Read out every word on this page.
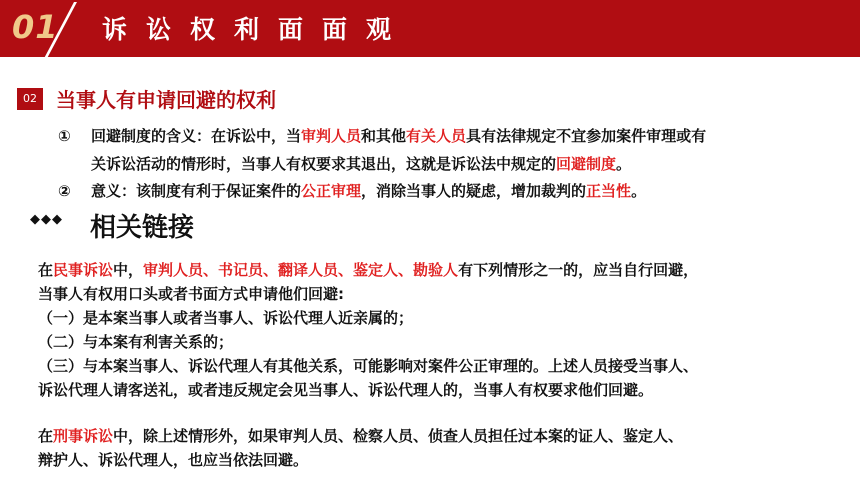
01 诉讼权利面面观
02 当事人有申请回避的权利
① 回避制度的含义：在诉讼中，当审判人员和其他有关人员具有法律规定不宜参加案件审理或有
关诉讼活动的情形时，当事人有权要求其退出，这就是诉讼法中规定的回避制度。
② 意义：该制度有利于保证案件的公正审理，消除当事人的疑虑，增加裁判的正当性。
◆◆◆ 相关链接
在民事诉讼中，审判人员、书记员、翻译人员、鉴定人、勘验人有下列情形之一的，应当自行回避，
当事人有权用口头或者书面方式申请他们回避:
（一）是本案当事人或者当事人、诉讼代理人近亲属的；
（二）与本案有利害关系的；
（三）与本案当事人、诉讼代理人有其他关系，可能影响对案件公正审理的。上述人员接受当事人、
诉讼代理人请客送礼，或者违反规定会见当事人、诉讼代理人的，当事人有权要求他们回避。
在刑事诉讼中，除上述情形外，如果审判人员、检察人员、侦查人员担任过本案的证人、鉴定人、
辩护人、诉讼代理人，也应当依法回避。
